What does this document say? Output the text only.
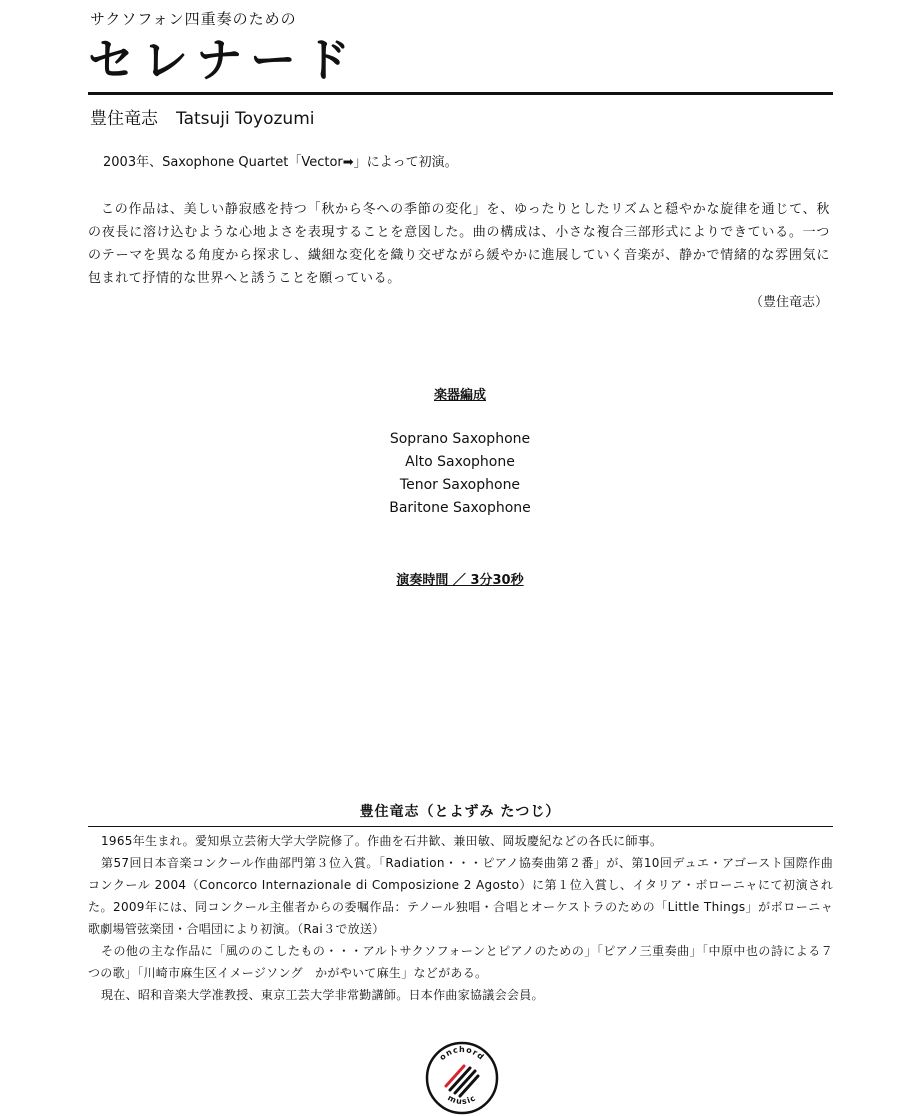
サクソフォン四重奏のための
セレナード
豊住竜志 Tatsuji Toyozumi
2003年、Saxophone Quartet「Vector➡」によって初演。
この作品は、美しい静寂感を持つ「秋から冬への季節の変化」を、ゆったりとしたリズムと穏やかな旋律を通じて、秋の夜長に溶け込むような心地よさを表現することを意図した。曲の構成は、小さな複合三部形式によりできている。一つのテーマを異なる角度から探求し、繊細な変化を織り交ぜながら緩やかに進展していく音楽が、静かで情緒的な雰囲気に包まれて抒情的な世界へと誘うことを願っている。
（豊住竜志）
楽器編成
Soprano Saxophone
Alto Saxophone
Tenor Saxophone
Baritone Saxophone
演奏時間 ／ 3分30秒
豊住竜志（とよずみ たつじ）

1965年生まれ。愛知県立芸術大学大学院修了。作曲を石井歓、兼田敏、岡坂慶紀などの各氏に師事。

第57回日本音楽コンクール作曲部門第３位入賞。「Radiation・・・ピアノ協奏曲第２番」が、第10回デュエ・アゴースト国際作曲コンクール 2004（Concorco Internazionale di Composizione 2 Agosto）に第１位入賞し、イタリア・ボローニャにて初演された。2009年には、同コンクール主催者からの委嘱作品：テノール独唱・合唱とオーケストラのための「Little Things」がボローニャ歌劇場管弦楽団・合唱団により初演。（Rai３で放送）

その他の主な作品に「風ののこしたもの・・・アルトサクソフォーンとピアノのための」「ピアノ三重奏曲」「中原中也の詩による７つの歌」「川崎市麻生区イメージソング　かがやいて麻生」などがある。

現在、昭和音楽大学准教授、東京工芸大学非常勤講師。日本作曲家協議会会員。

onchord
music
